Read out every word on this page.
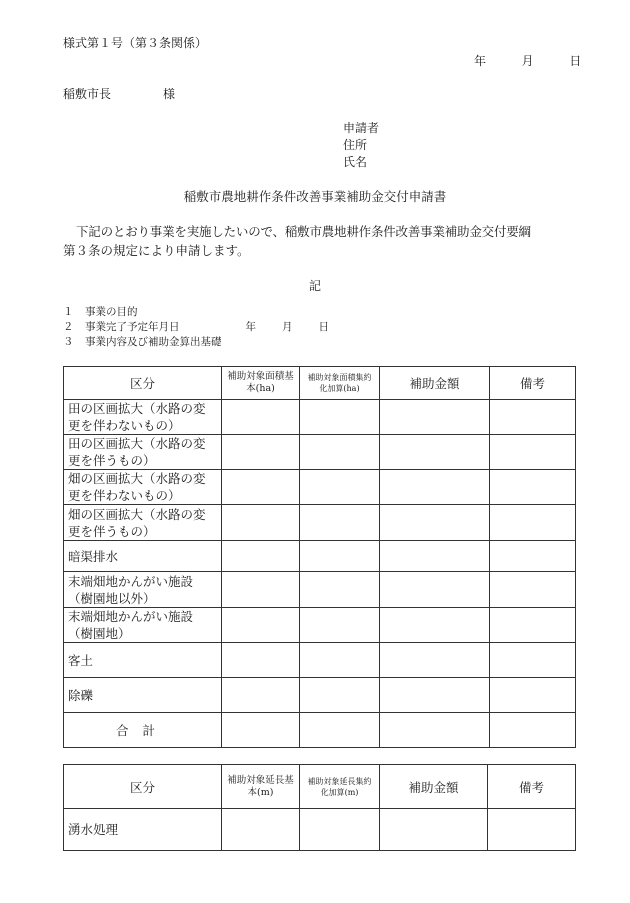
様式第１号（第３条関係）
年	月	日
稲敷市長	様
申請者
住所
氏名
稲敷市農地耕作条件改善事業補助金交付申請書
下記のとおり事業を実施したいので、稲敷市農地耕作条件改善事業補助金交付要綱
第３条の規定により申請します。
記
１ 事業の目的
２ 事業完了予定年月日	年 月 日
３ 事業内容及び補助金算出基礎
区分	補助対象面積基本(ha)	補助対象面積集約化加算(ha)	補助金額	備考
田の区画拡大（水路の変更を伴わないもの）				
田の区画拡大（水路の変更を伴うもの）				
畑の区画拡大（水路の変更を伴わないもの）				
畑の区画拡大（水路の変更を伴うもの）				
暗渠排水				
末端畑地かんがい施設（樹園地以外）				
末端畑地かんがい施設（樹園地）				
客土				
除礫				
合計				
区分	補助対象延長基本(m)	補助対象延長集約化加算(m)	補助金額	備考
湧水処理				
